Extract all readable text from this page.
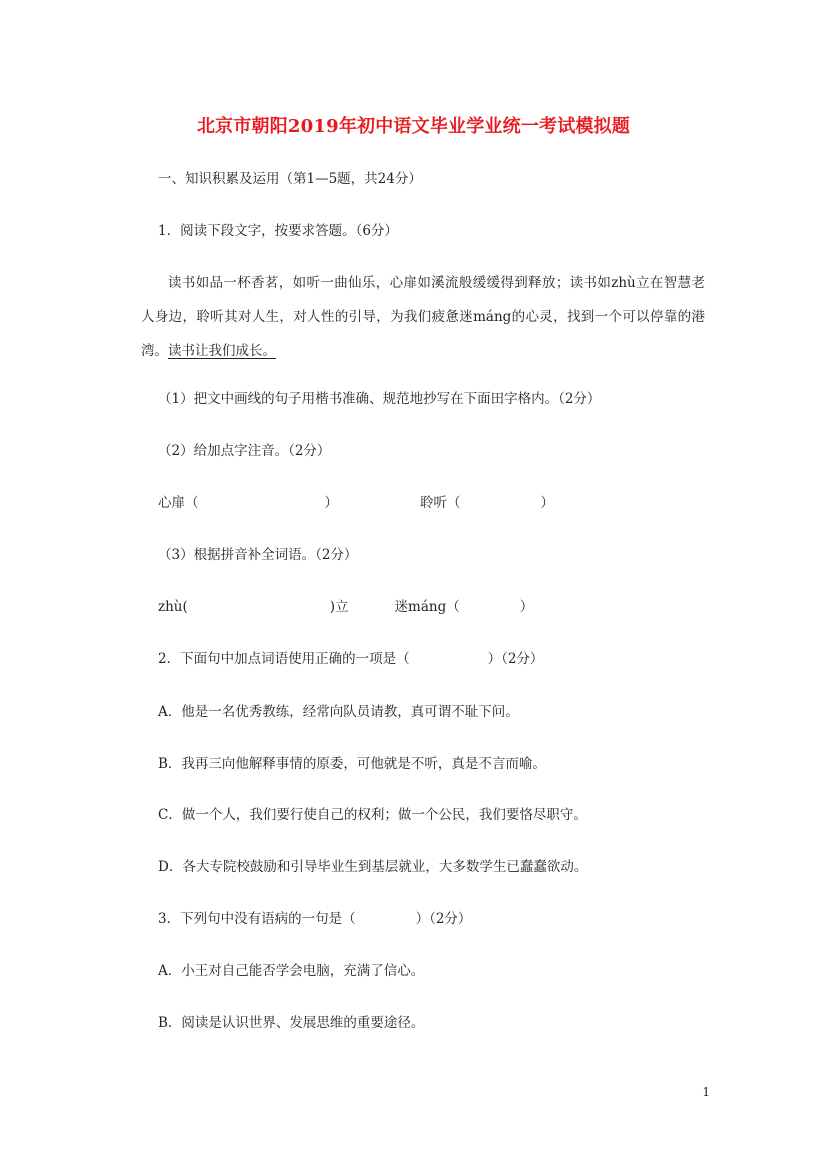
北京市朝阳2019年初中语文毕业学业统一考试模拟题
一、知识积累及运用（第1—5题，共24分）
1．阅读下段文字，按要求答题。（6分）
读书如品一杯香茗，如听一曲仙乐，心扉如溪流般缓缓得到释放；读书如zhù立在智慧老人身边，聆听其对人生，对人性的引导，为我们疲惫迷máng的心灵，找到一个可以停靠的港湾。读书让我们成长。
（1）把文中画线的句子用楷书准确、规范地抄写在下面田字格内。（2分）
（2）给加点字注音。（2分）
心扉（	）	聆听（	）
（3）根据拼音补全词语。（2分）
zhù(	)立	迷máng（	）
2．下面句中加点词语使用正确的一项是（	）（2分）
A．他是一名优秀教练，经常向队员请教，真可谓不耻下问。
B．我再三向他解释事情的原委，可他就是不听，真是不言而喻。
C．做一个人，我们要行使自己的权利；做一个公民，我们要恪尽职守。
D．各大专院校鼓励和引导毕业生到基层就业，大多数学生已蠢蠢欲动。
3．下列句中没有语病的一句是（	）（2分）
A．小王对自己能否学会电脑，充满了信心。
B．阅读是认识世界、发展思维的重要途径。
1
